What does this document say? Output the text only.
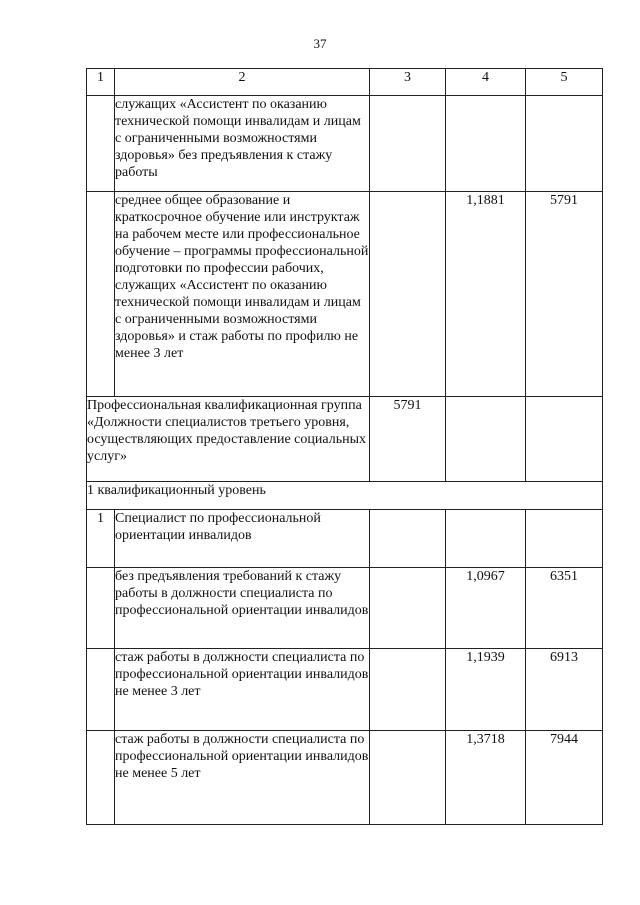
37
1	2	3	4	5
	служащих «Ассистент по оказанию технической помощи инвалидам и лицам с ограниченными возможностями здоровья» без предъявления к стажу работы			
	среднее общее образование и краткосрочное обучение или инструктаж на рабочем месте или профессиональное обучение – программы профессиональной подготовки по профессии рабочих, служащих «Ассистент по оказанию технической помощи инвалидам и лицам с ограниченными возможностями здоровья» и стаж работы по профилю не менее 3 лет		1,1881	5791
Профессиональная квалификационная группа «Должности специалистов третьего уровня, осуществляющих предоставление социальных услуг»		5791		
1 квалификационный уровень				
1	Специалист по профессиональной ориентации инвалидов			
	без предъявления требований к стажу работы в должности специалиста по профессиональной ориентации инвалидов		1,0967	6351
	стаж работы в должности специалиста по профессиональной ориентации инвалидов не менее 3 лет		1,1939	6913
	стаж работы в должности специалиста по профессиональной ориентации инвалидов не менее 5 лет		1,3718	7944
